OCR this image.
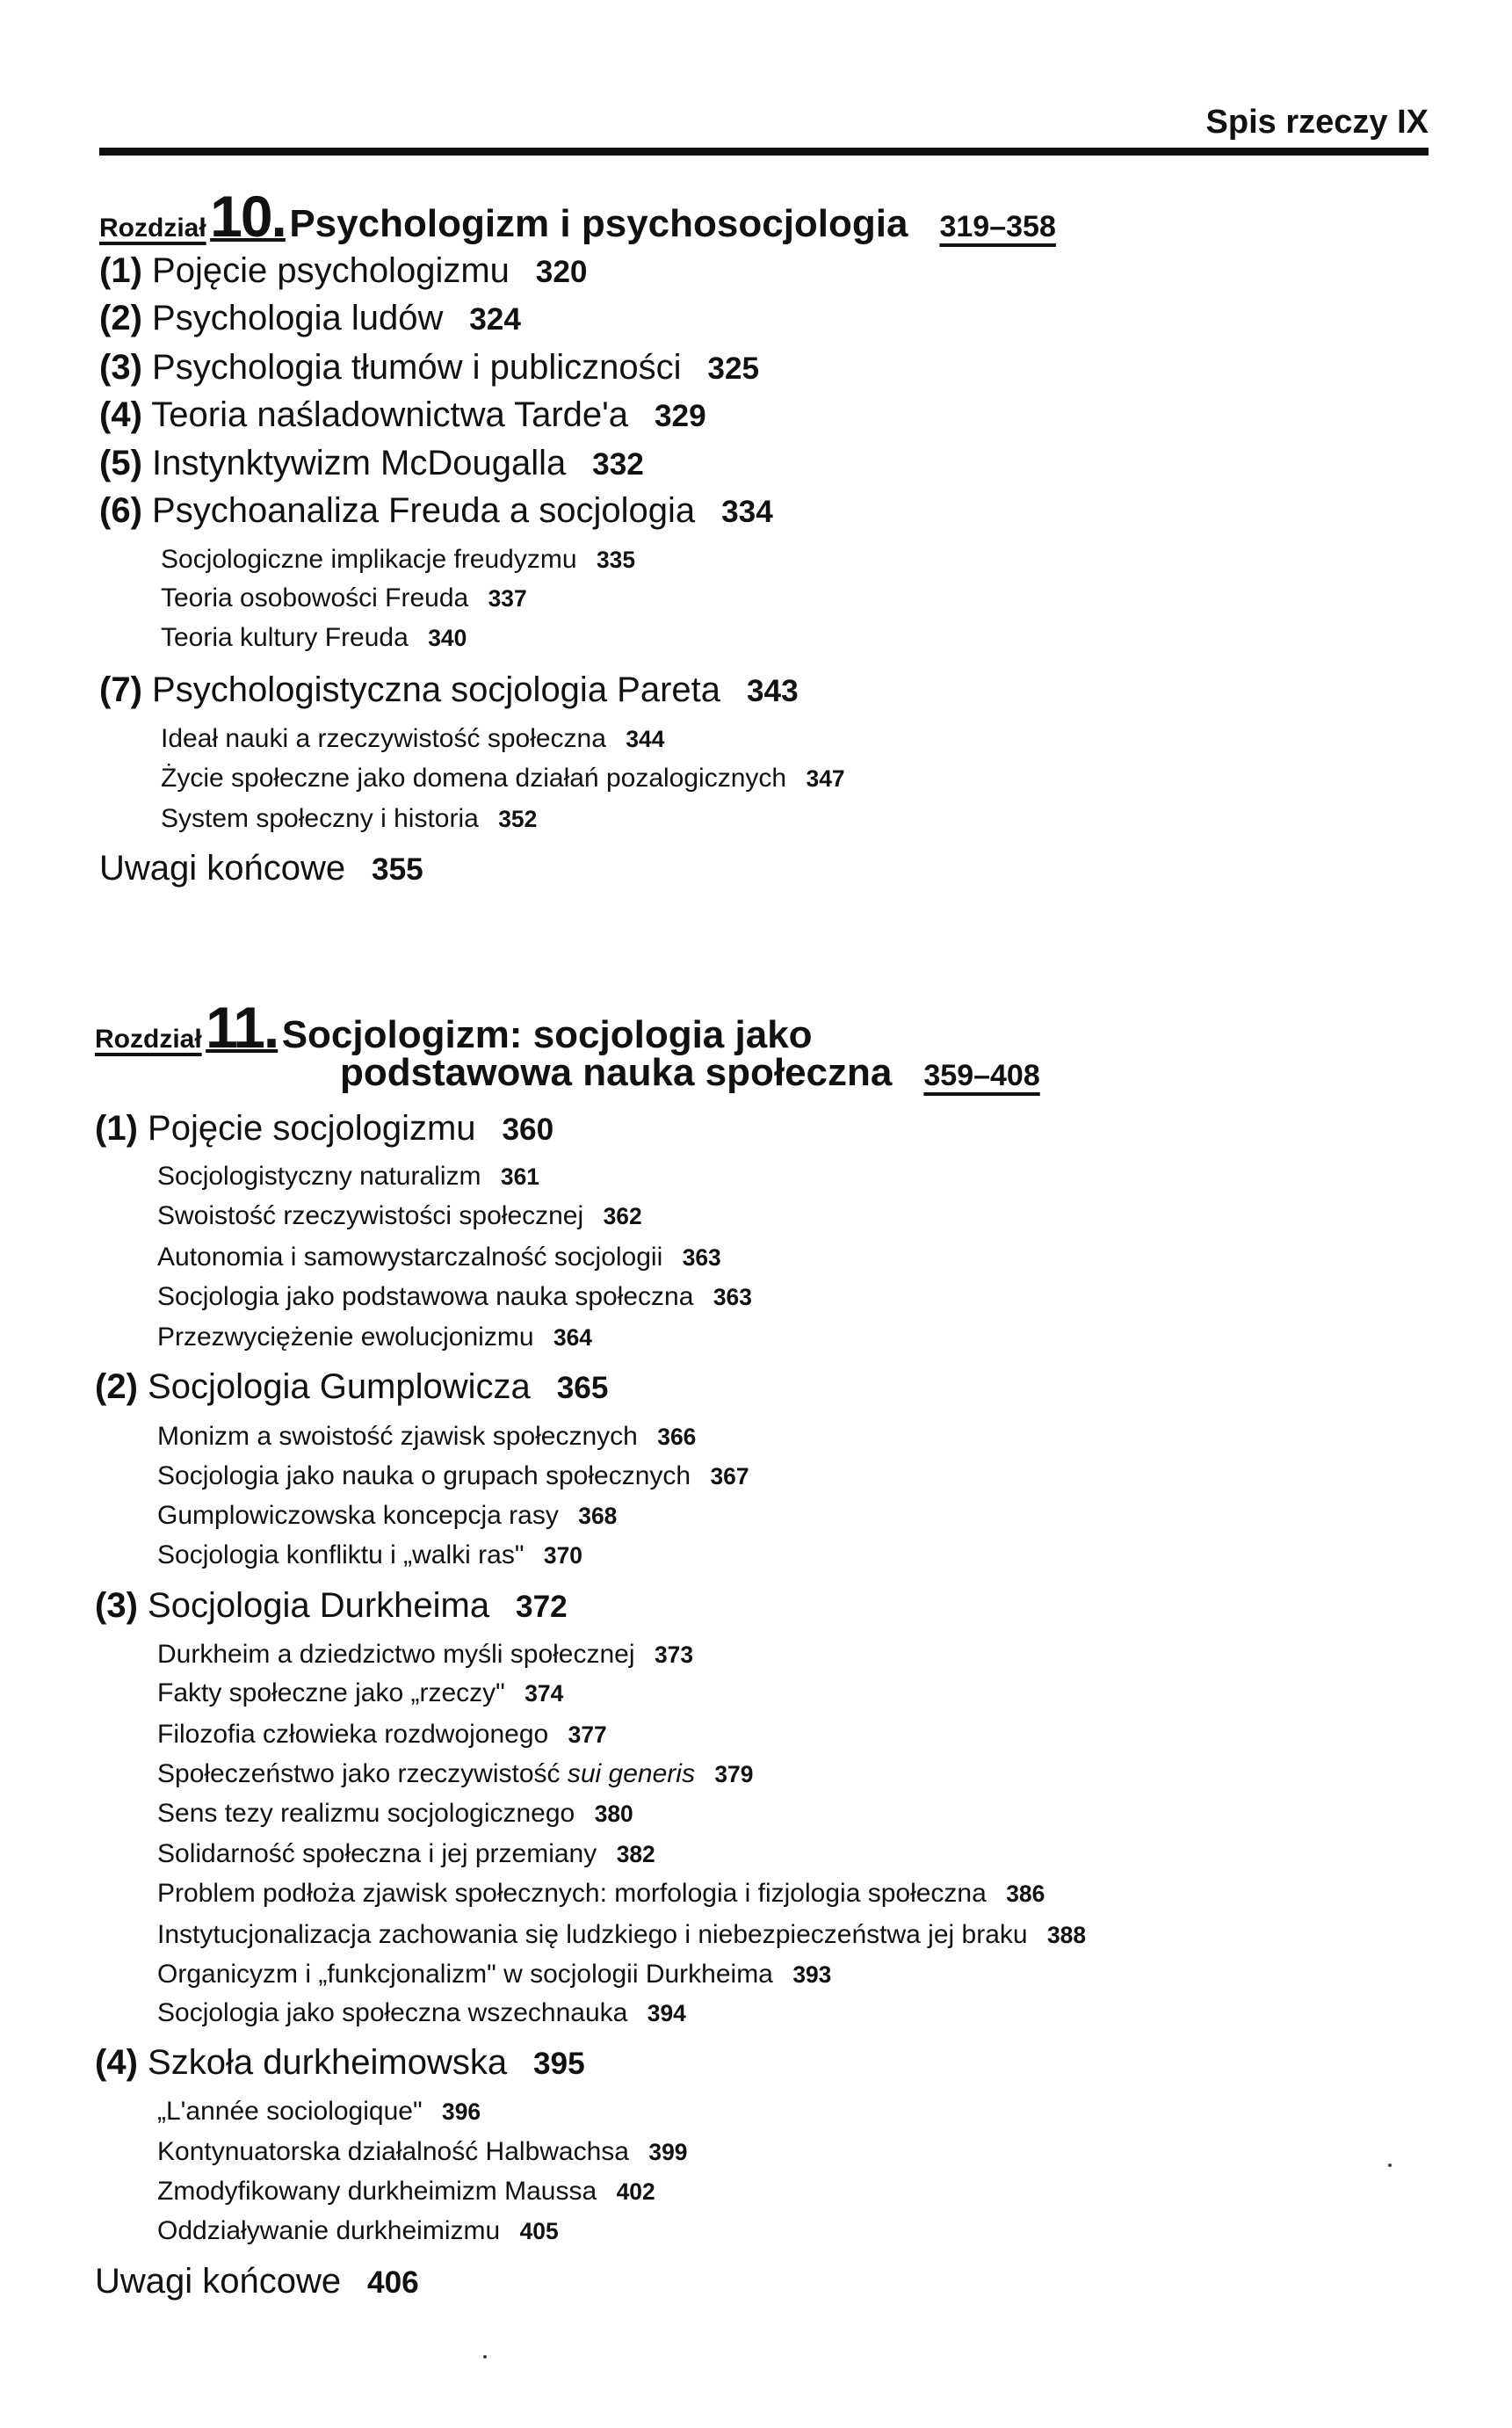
Spis rzeczy IX
Rozdział 10. Psychologizm i psychosocjologia 319–358
(1) Pojęcie psychologizmu 320
(2) Psychologia ludów 324
(3) Psychologia tłumów i publiczności 325
(4) Teoria naśladownictwa Tarde'a 329
(5) Instynktywizm McDougalla 332
(6) Psychoanaliza Freuda a socjologia 334
Socjologiczne implikacje freudyzmu 335
Teoria osobowości Freuda 337
Teoria kultury Freuda 340
(7) Psychologistyczna socjologia Pareta 343
Ideał nauki a rzeczywistość społeczna 344
Życie społeczne jako domena działań pozalogicznych 347
System społeczny i historia 352
Uwagi końcowe 355
Rozdział 11. Socjologizm: socjologia jako
podstawowa nauka społeczna 359–408
(1) Pojęcie socjologizmu 360
Socjologistyczny naturalizm 361
Swoistość rzeczywistości społecznej 362
Autonomia i samowystarczalność socjologii 363
Socjologia jako podstawowa nauka społeczna 363
Przezwyciężenie ewolucjonizmu 364
(2) Socjologia Gumplowicza 365
Monizm a swoistość zjawisk społecznych 366
Socjologia jako nauka o grupach społecznych 367
Gumplowiczowska koncepcja rasy 368
Socjologia konfliktu i „walki ras" 370
(3) Socjologia Durkheima 372
Durkheim a dziedzictwo myśli społecznej 373
Fakty społeczne jako „rzeczy" 374
Filozofia człowieka rozdwojonego 377
Społeczeństwo jako rzeczywistość sui generis 379
Sens tezy realizmu socjologicznego 380
Solidarność społeczna i jej przemiany 382
Problem podłoża zjawisk społecznych: morfologia i fizjologia społeczna 386
Instytucjonalizacja zachowania się ludzkiego i niebezpieczeństwa jej braku 388
Organicyzm i „funkcjonalizm" w socjologii Durkheima 393
Socjologia jako społeczna wszechnauka 394
(4) Szkoła durkheimowska 395
„L'année sociologique" 396
Kontynuatorska działalność Halbwachsa 399
Zmodyfikowany durkheimizm Maussa 402
Oddziaływanie durkheimizmu 405
Uwagi końcowe 406
